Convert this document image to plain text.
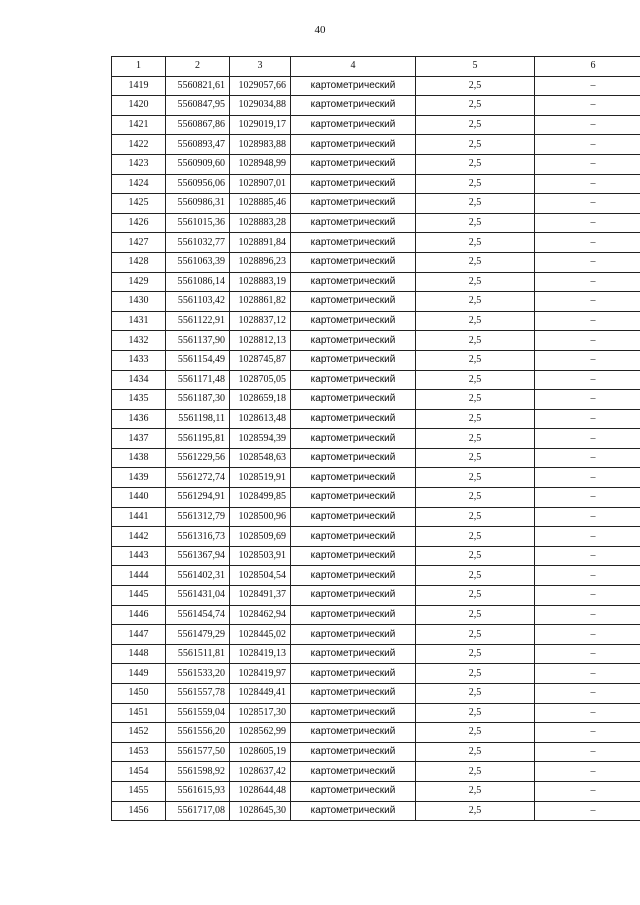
40
1	2	3	4	5	6
1419	5560821,61	1029057,66	картометрический	2,5	–
1420	5560847,95	1029034,88	картометрический	2,5	–
1421	5560867,86	1029019,17	картометрический	2,5	–
1422	5560893,47	1028983,88	картометрический	2,5	–
1423	5560909,60	1028948,99	картометрический	2,5	–
1424	5560956,06	1028907,01	картометрический	2,5	–
1425	5560986,31	1028885,46	картометрический	2,5	–
1426	5561015,36	1028883,28	картометрический	2,5	–
1427	5561032,77	1028891,84	картометрический	2,5	–
1428	5561063,39	1028896,23	картометрический	2,5	–
1429	5561086,14	1028883,19	картометрический	2,5	–
1430	5561103,42	1028861,82	картометрический	2,5	–
1431	5561122,91	1028837,12	картометрический	2,5	–
1432	5561137,90	1028812,13	картометрический	2,5	–
1433	5561154,49	1028745,87	картометрический	2,5	–
1434	5561171,48	1028705,05	картометрический	2,5	–
1435	5561187,30	1028659,18	картометрический	2,5	–
1436	5561198,11	1028613,48	картометрический	2,5	–
1437	5561195,81	1028594,39	картометрический	2,5	–
1438	5561229,56	1028548,63	картометрический	2,5	–
1439	5561272,74	1028519,91	картометрический	2,5	–
1440	5561294,91	1028499,85	картометрический	2,5	–
1441	5561312,79	1028500,96	картометрический	2,5	–
1442	5561316,73	1028509,69	картометрический	2,5	–
1443	5561367,94	1028503,91	картометрический	2,5	–
1444	5561402,31	1028504,54	картометрический	2,5	–
1445	5561431,04	1028491,37	картометрический	2,5	–
1446	5561454,74	1028462,94	картометрический	2,5	–
1447	5561479,29	1028445,02	картометрический	2,5	–
1448	5561511,81	1028419,13	картометрический	2,5	–
1449	5561533,20	1028419,97	картометрический	2,5	–
1450	5561557,78	1028449,41	картометрический	2,5	–
1451	5561559,04	1028517,30	картометрический	2,5	–
1452	5561556,20	1028562,99	картометрический	2,5	–
1453	5561577,50	1028605,19	картометрический	2,5	–
1454	5561598,92	1028637,42	картометрический	2,5	–
1455	5561615,93	1028644,48	картометрический	2,5	–
1456	5561717,08	1028645,30	картометрический	2,5	–
